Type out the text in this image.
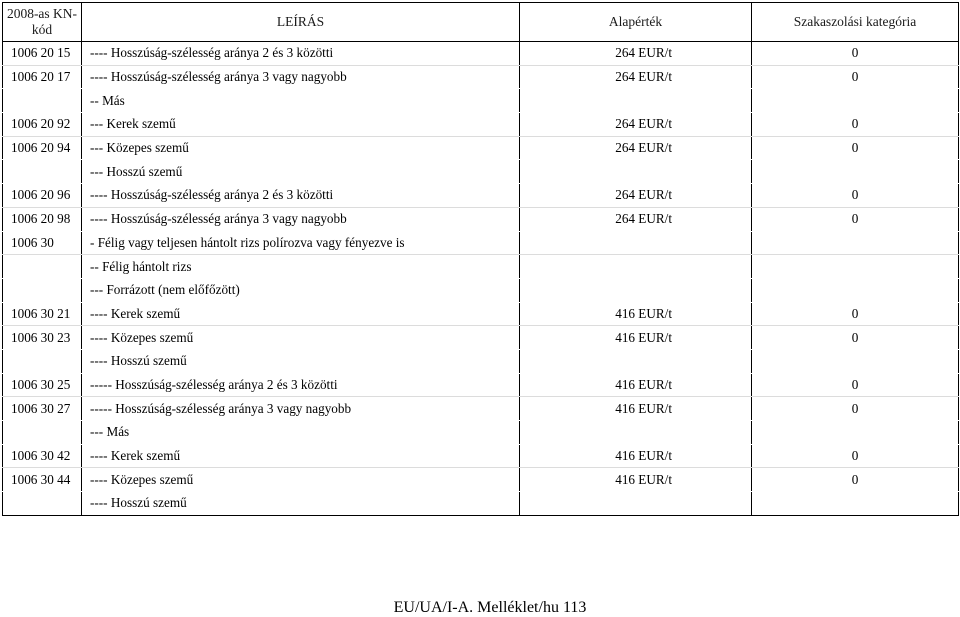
2008-as KN-kód	LEÍRÁS	Alapérték	Szakaszolási kategória

1006 20 15	---- Hosszúság-szélesség aránya 2 és 3 közötti	264 EUR/t	0
1006 20 17	---- Hosszúság-szélesség aránya 3 vagy nagyobb	264 EUR/t	0
	-- Más		
1006 20 92	--- Kerek szemű	264 EUR/t	0
1006 20 94	--- Közepes szemű	264 EUR/t	0
	--- Hosszú szemű		
1006 20 96	---- Hosszúság-szélesség aránya 2 és 3 közötti	264 EUR/t	0
1006 20 98	---- Hosszúság-szélesség aránya 3 vagy nagyobb	264 EUR/t	0
1006 30	- Félig vagy teljesen hántolt rizs polírozva vagy fényezve is		
	-- Félig hántolt rizs		
	--- Forrázott (nem előfőzött)		
1006 30 21	---- Kerek szemű	416 EUR/t	0
1006 30 23	---- Közepes szemű	416 EUR/t	0
	---- Hosszú szemű		
1006 30 25	----- Hosszúság-szélesség aránya 2 és 3 közötti	416 EUR/t	0
1006 30 27	----- Hosszúság-szélesség aránya 3 vagy nagyobb	416 EUR/t	0
	--- Más		
1006 30 42	---- Kerek szemű	416 EUR/t	0
1006 30 44	---- Közepes szemű	416 EUR/t	0
	---- Hosszú szemű		
EU/UA/I-A. Melléklet/hu 113
